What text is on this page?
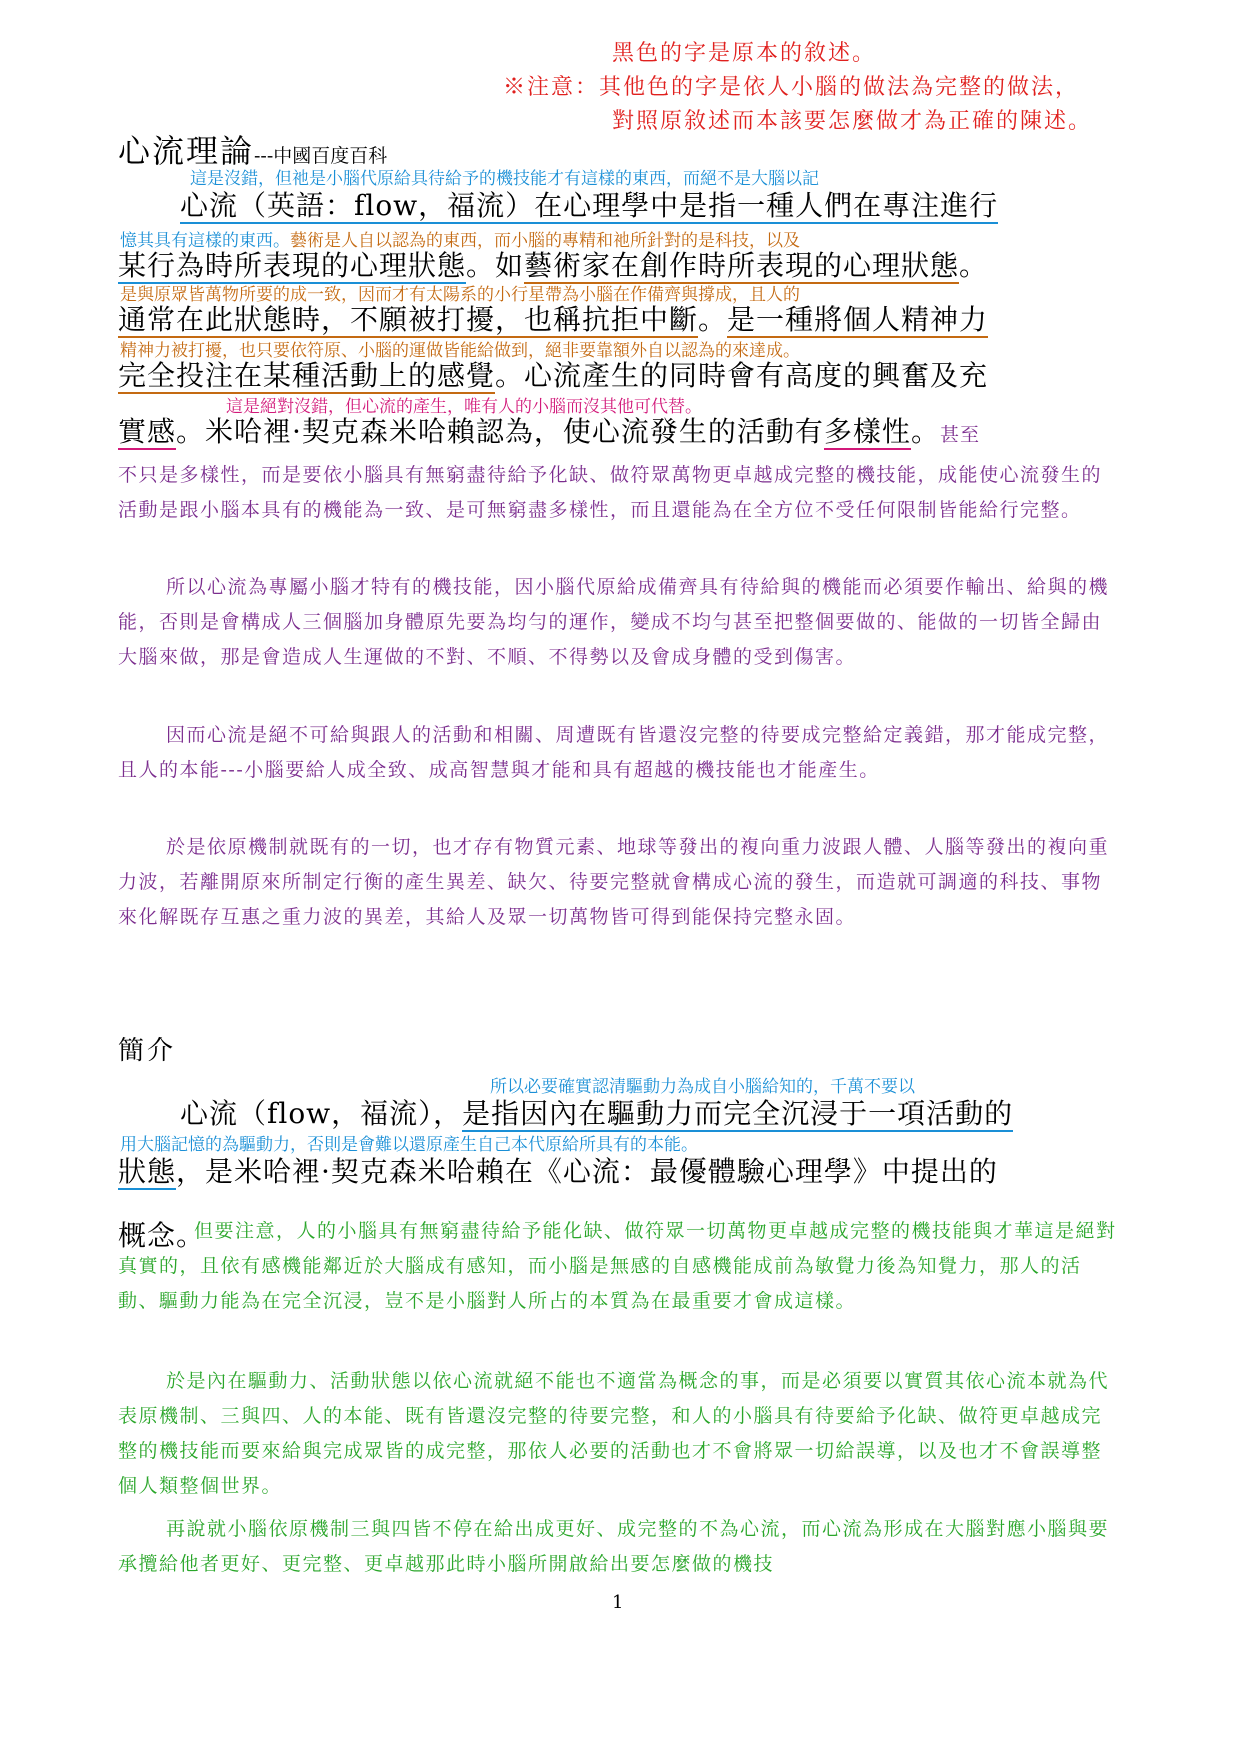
黑色的字是原本的敘述。
※注意：其他色的字是依人小腦的做法為完整的做法，
對照原敘述而本該要怎麼做才為正確的陳述。
心流理論---中國百度百科
這是沒錯，但祂是小腦代原給具待給予的機技能才有這樣的東西，而絕不是大腦以記
心流（英語：flow，福流）在心理學中是指一種人們在專注進行
憶其具有這樣的東西。藝術是人自以認為的東西，而小腦的專精和祂所針對的是科技，以及
某行為時所表現的心理狀態。如藝術家在創作時所表現的心理狀態。
是與原眾皆萬物所要的成一致，因而才有太陽系的小行星帶為小腦在作備齊與撐成，且人的
通常在此狀態時，不願被打擾，也稱抗拒中斷。是一種將個人精神力
精神力被打擾，也只要依符原、小腦的運做皆能給做到，絕非要靠額外自以認為的來達成。
完全投注在某種活動上的感覺。心流產生的同時會有高度的興奮及充
這是絕對沒錯，但心流的產生，唯有人的小腦而沒其他可代替。
實感。米哈裡·契克森米哈賴認為，使心流發生的活動有多樣性。甚至
不只是多樣性，而是要依小腦具有無窮盡待給予化缺、做符眾萬物更卓越成完整的機技能，成能使心流發生的活動是跟小腦本具有的機能為一致、是可無窮盡多樣性，而且還能為在全方位不受任何限制皆能給行完整。
所以心流為專屬小腦才特有的機技能，因小腦代原給成備齊具有待給與的機能而必須要作輸出、給與的機能，否則是會構成人三個腦加身體原先要為均勻的運作，變成不均勻甚至把整個要做的、能做的一切皆全歸由大腦來做，那是會造成人生運做的不對、不順、不得勢以及會成身體的受到傷害。
因而心流是絕不可給與跟人的活動和相關、周遭既有皆還沒完整的待要成完整給定義錯，那才能成完整，且人的本能---小腦要給人成全致、成高智慧與才能和具有超越的機技能也才能產生。
於是依原機制就既有的一切，也才存有物質元素、地球等發出的複向重力波跟人體、人腦等發出的複向重力波，若離開原來所制定行衡的產生異差、缺欠、待要完整就會構成心流的發生，而造就可調適的科技、事物來化解既存互惠之重力波的異差，其給人及眾一切萬物皆可得到能保持完整永固。
簡介
所以必要確實認清驅動力為成自小腦給知的，千萬不要以
心流（flow，福流），是指因內在驅動力而完全沉浸于一項活動的
用大腦記憶的為驅動力，否則是會難以還原產生自己本代原給所具有的本能。
狀態，是米哈裡·契克森米哈賴在《心流：最優體驗心理學》中提出的
概念。
但要注意，人的小腦具有無窮盡待給予能化缺、做符眾一切萬物更卓越成完整的機技能與才華這是絕對真實的，且依有感機能鄰近於大腦成有感知，而小腦是無感的自感機能成前為敏覺力後為知覺力，那人的活動、驅動力能為在完全沉浸，豈不是小腦對人所占的本質為在最重要才會成這樣。
於是內在驅動力、活動狀態以依心流就絕不能也不適當為概念的事，而是必須要以實質其依心流本就為代表原機制、三與四、人的本能、既有皆還沒完整的待要完整，和人的小腦具有待要給予化缺、做符更卓越成完整的機技能而要來給與完成眾皆的成完整，那依人必要的活動也才不會將眾一切給誤導，以及也才不會誤導整個人類整個世界。
再說就小腦依原機制三與四皆不停在給出成更好、成完整的不為心流，而心流為形成在大腦對應小腦與要承攬給他者更好、更完整、更卓越那此時小腦所開啟給出要怎麼做的機技
1
